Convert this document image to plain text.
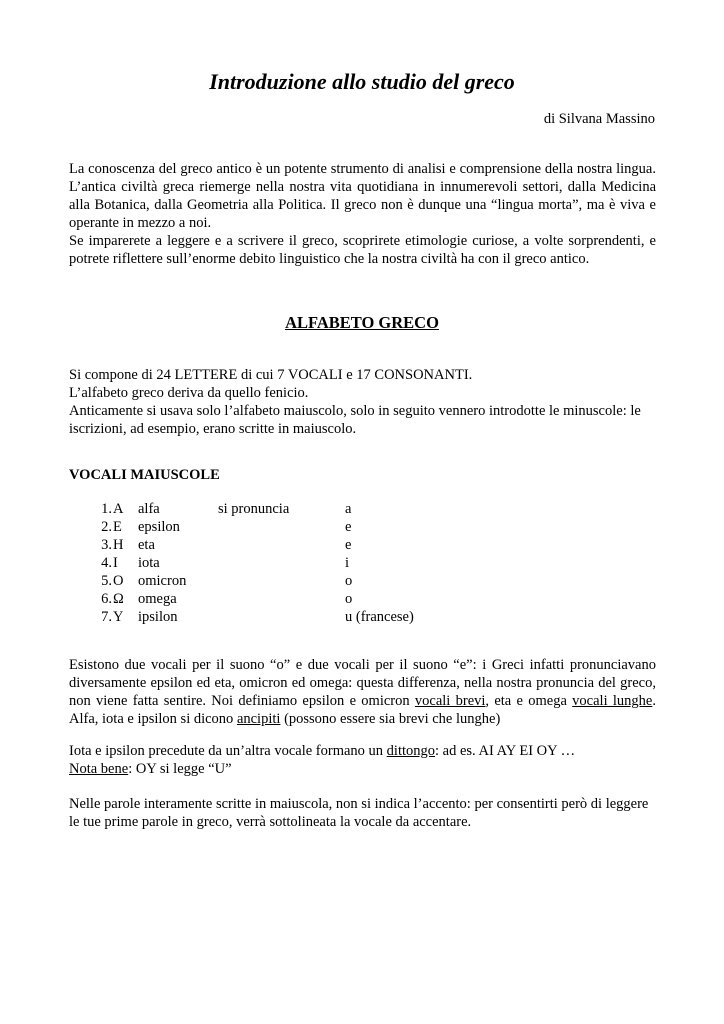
Introduzione allo studio del greco
di Silvana Massino

La conoscenza del greco antico è un potente strumento di analisi e comprensione della nostra lingua. L’antica civiltà greca riemerge nella nostra vita quotidiana in innumerevoli settori, dalla Medicina alla Botanica, dalla Geometria alla Politica. Il greco non è dunque una “lingua morta”, ma è viva e operante in mezzo a noi.

Se imparerete a leggere e a scrivere il greco, scoprirete etimologie curiose, a volte sorprendenti, e potrete riflettere sull’enorme debito linguistico che la nostra civiltà ha con il greco antico.

ALFABETO GRECO

Si compone di 24 LETTERE di cui 7 VOCALI e 17 CONSONANTI.

L’alfabeto greco deriva da quello fenicio.

Anticamente si usava solo l’alfabeto maiuscolo, solo in seguito vennero introdotte le minuscole: le iscrizioni, ad esempio, erano scritte in maiuscolo.

VOCALI MAIUSCOLE
1. Α	alfa	si pronuncia	a
2. Ε	epsilon	e
3. Η	eta	e
4. Ι	iota	i
5. Ο	omicron	o
6. Ω omega	o
7. Υ	ipsilon	u (francese)

Esistono due vocali per il suono “o” e due vocali per il suono “e”: i Greci infatti pronunciavano diversamente epsilon ed eta, omicron ed omega: questa differenza, nella nostra pronuncia del greco, non viene fatta sentire. Noi definiamo epsilon e omicron vocali brevi, eta e omega vocali lunghe. Alfa, iota e ipsilon si dicono ancipiti (possono essere sia brevi che lunghe)

Iota e ipsilon precedute da un’altra vocale formano un dittongo: ad es. AI AY EI OY …

Nota bene: OY si legge “U”

Nelle parole interamente scritte in maiuscola, non si indica l’accento: per consentirti però di leggere le tue prime parole in greco, verrà sottolineata la vocale da accentare.
